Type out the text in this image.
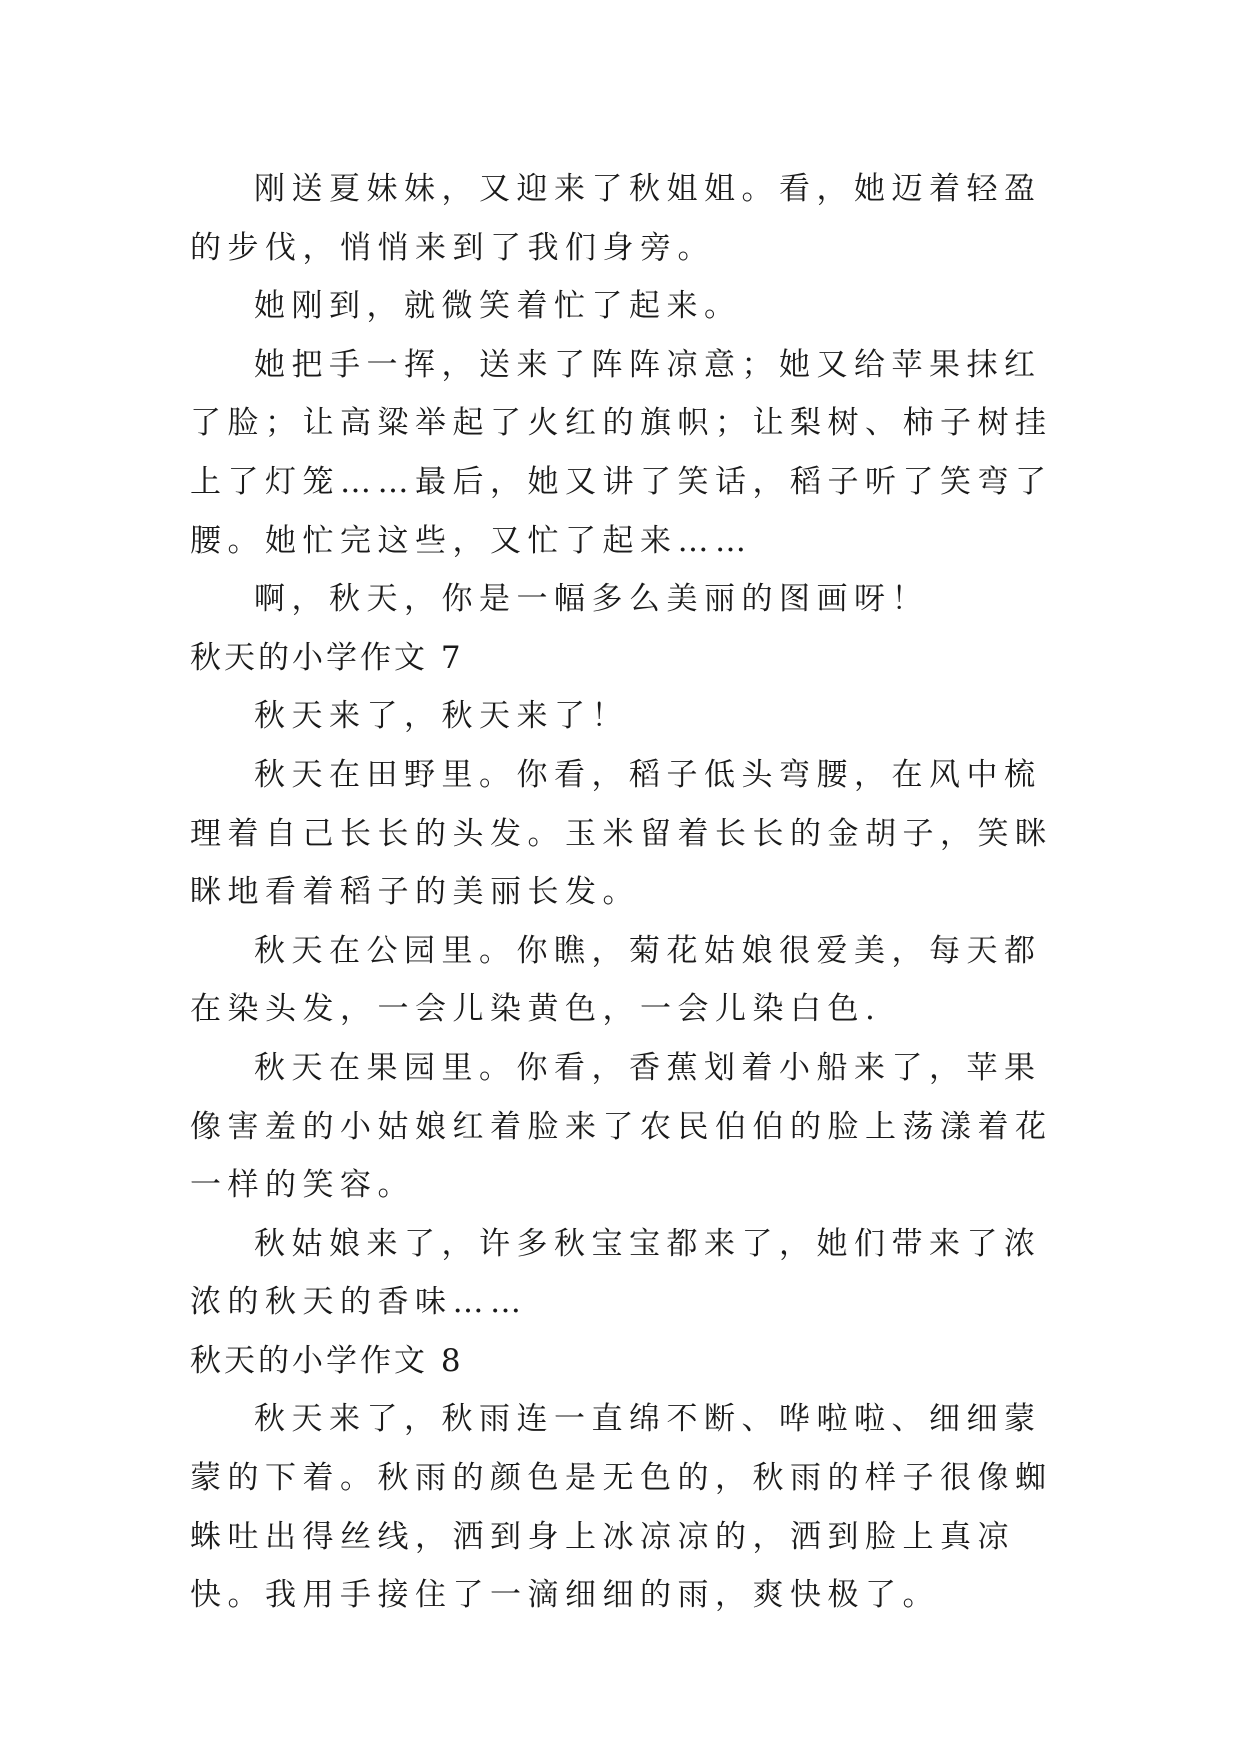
刚送夏妹妹，又迎来了秋姐姐。看，她迈着轻盈的步伐，悄悄来到了我们身旁。

她刚到，就微笑着忙了起来。

她把手一挥，送来了阵阵凉意；她又给苹果抹红了脸；让高粱举起了火红的旗帜；让梨树、柿子树挂上了灯笼……最后，她又讲了笑话，稻子听了笑弯了腰。她忙完这些，又忙了起来……

啊，秋天，你是一幅多么美丽的图画呀！

秋天的小学作文 7

秋天来了，秋天来了！

秋天在田野里。你看，稻子低头弯腰，在风中梳理着自己长长的头发。玉米留着长长的金胡子，笑眯眯地看着稻子的美丽长发。

秋天在公园里。你瞧，菊花姑娘很爱美，每天都在染头发，一会儿染黄色，一会儿染白色.

秋天在果园里。你看，香蕉划着小船来了，苹果像害羞的小姑娘红着脸来了农民伯伯的脸上荡漾着花一样的笑容。

秋姑娘来了，许多秋宝宝都来了，她们带来了浓浓的秋天的香味……

秋天的小学作文 8

秋天来了，秋雨连一直绵不断、哗啦啦、细细蒙蒙的下着。秋雨的颜色是无色的，秋雨的样子很像蜘蛛吐出得丝线，洒到身上冰凉凉的，洒到脸上真凉快。我用手接住了一滴细细的雨，爽快极了。
